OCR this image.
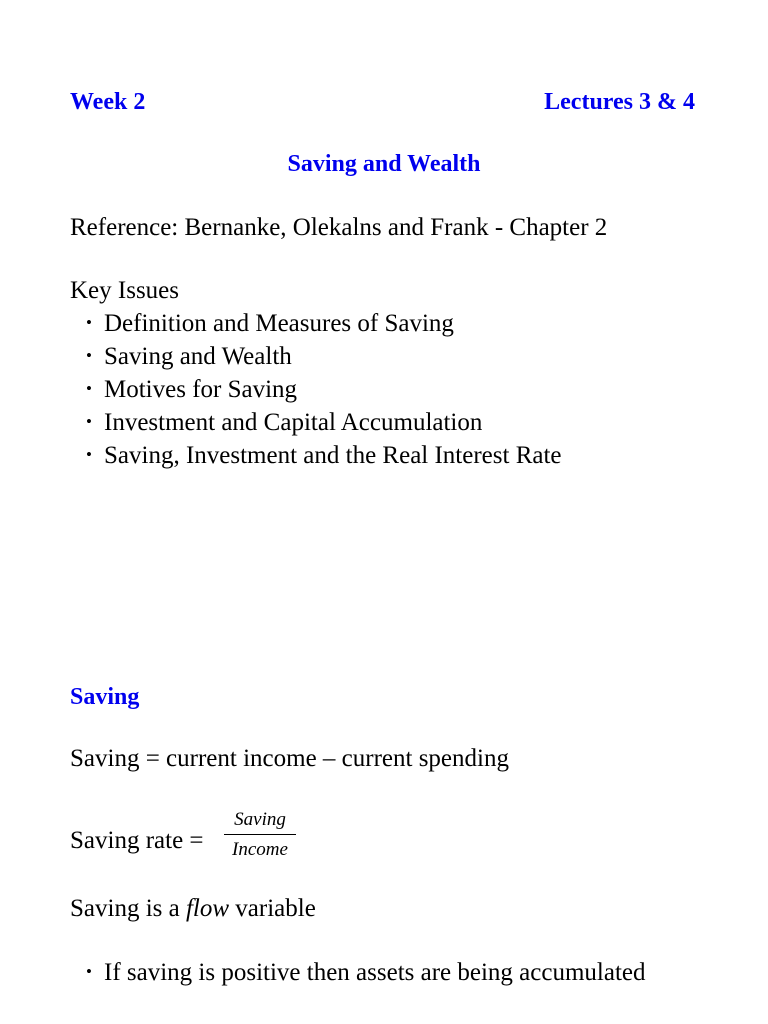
Week 2	Lectures 3 & 4
Saving and Wealth
Reference: Bernanke, Olekalns and Frank - Chapter 2
Key Issues
• Definition and Measures of Saving
• Saving and Wealth
• Motives for Saving
• Investment and Capital Accumulation
• Saving, Investment and the Real Interest Rate
Saving
Saving = current income – current spending
Saving rate =
Saving
Income
Saving is a flow variable
• If saving is positive then assets are being accumulated
